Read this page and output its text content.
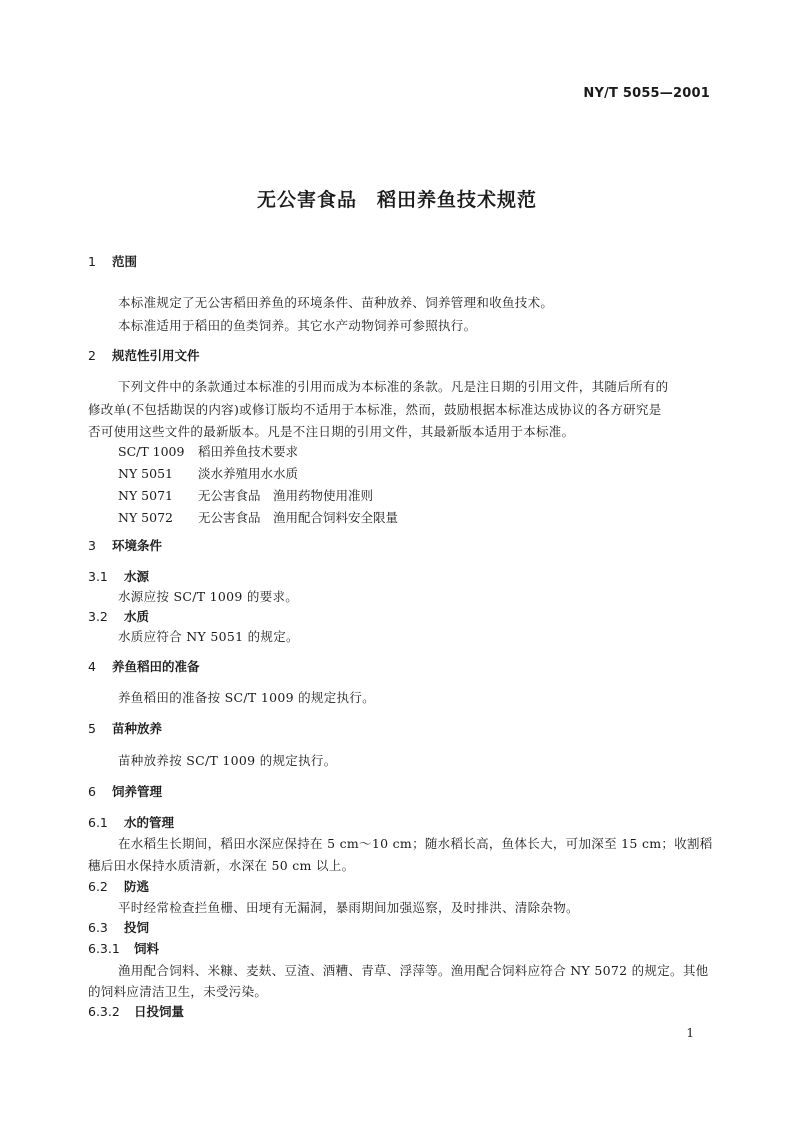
NY/T 5055—2001
无公害食品　稻田养鱼技术规范
1 范围
本标准规定了无公害稻田养鱼的环境条件、苗种放养、饲养管理和收鱼技术。
本标准适用于稻田的鱼类饲养。其它水产动物饲养可参照执行。
2 规范性引用文件
下列文件中的条款通过本标准的引用而成为本标准的条款。凡是注日期的引用文件，其随后所有的
修改单(不包括勘误的内容)或修订版均不适用于本标准，然而，鼓励根据本标准达成协议的各方研究是
否可使用这些文件的最新版本。凡是不注日期的引用文件，其最新版本适用于本标准。
SC/T 1009 稻田养鱼技术要求
NY 5051 淡水养殖用水水质
NY 5071 无公害食品　渔用药物使用准则
NY 5072 无公害食品　渔用配合饲料安全限量
3 环境条件
3.1 水源
水源应按 SC/T 1009 的要求。
3.2 水质
水质应符合 NY 5051 的规定。
4 养鱼稻田的准备
养鱼稻田的准备按 SC/T 1009 的规定执行。
5 苗种放养
苗种放养按 SC/T 1009 的规定执行。
6 饲养管理
6.1 水的管理
在水稻生长期间，稻田水深应保持在 5 cm～10 cm；随水稻长高，鱼体长大，可加深至 15 cm；收割稻
穗后田水保持水质清新，水深在 50 cm 以上。
6.2 防逃
平时经常检查拦鱼栅、田埂有无漏洞，暴雨期间加强巡察，及时排洪、清除杂物。
6.3 投饲
6.3.1 饲料
渔用配合饲料、米糠、麦麸、豆渣、酒糟、青草、浮萍等。渔用配合饲料应符合 NY 5072 的规定。其他
的饲料应清洁卫生，未受污染。
6.3.2 日投饲量
1
